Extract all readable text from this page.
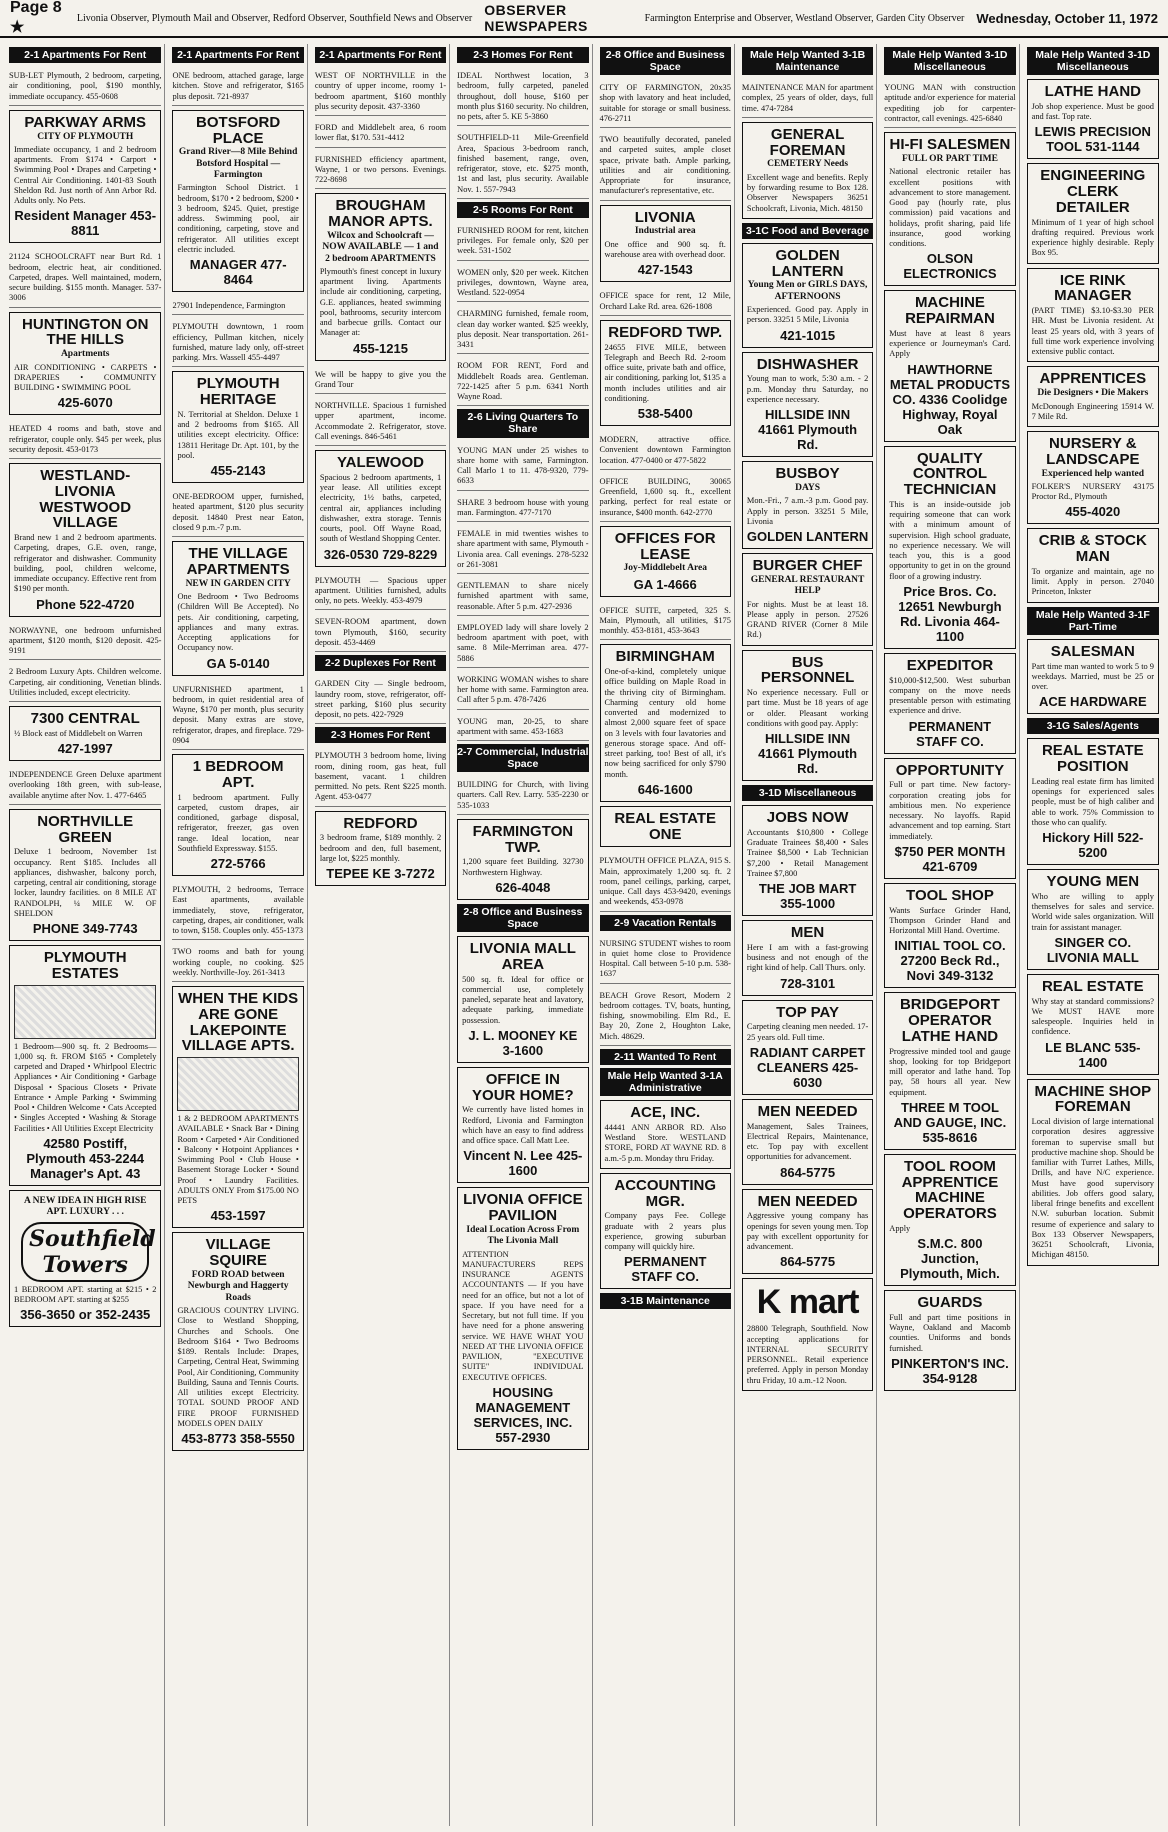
Page 8 ★
Livonia Observer, Plymouth Mail and Observer, Redford Observer, Southfield News and Observer OBSERVER NEWSPAPERS	Farmington Enterprise and Observer, Westland Observer, Garden City Observer Wednesday, October 11, 1972
2-1 Apartments For Rent
SUB-LET Plymouth, 2 bedroom, carpeting, air conditioning, pool, $190 monthly, immediate occupancy. 455-0608
PARKWAY ARMS
CITY OF PLYMOUTH
Immediate occupancy, 1 and 2 bedroom apartments. From $174 • Carport • Swimming Pool • Drapes and Carpeting • Central Air Conditioning. 1401-83 South Sheldon Rd. Just north of Ann Arbor Rd. Adults only. No Pets.
Resident Manager 453-8811
21124 SCHOOLCRAFT near Burt Rd. 1 bedroom, electric heat, air conditioned. Carpeted, drapes. Well maintained, modern, secure building. $155 month. Manager. 537-3006
HUNTINGTON ON THE HILLS
Apartments
AIR CONDITIONING • CARPETS • DRAPERIES • COMMUNITY BUILDING • SWIMMING POOL
425-6070
HEATED 4 rooms and bath, stove and refrigerator, couple only. $45 per week, plus security deposit. 453-0173
WESTLAND-LIVONIA WESTWOOD VILLAGE
Brand new 1 and 2 bedroom apartments. Carpeting, drapes, G.E. oven, range, refrigerator and dishwasher. Community building, pool, children welcome, immediate occupancy. Effective rent from $190 per month.
Phone 522-4720
NORWAYNE, one bedroom unfurnished apartment, $120 month, $120 deposit. 425-9191
2 Bedroom Luxury Apts. Children welcome. Carpeting, air conditioning, Venetian blinds. Utilities included, except electricity.
7300 CENTRAL
½ Block east of Middlebelt on Warren
427-1997
INDEPENDENCE Green Deluxe apartment overlooking 18th green, with sub-lease, available anytime after Nov. 1. 477-6465
NORTHVILLE GREEN
Deluxe 1 bedroom, November 1st occupancy. Rent $185. Includes all appliances, dishwasher, balcony porch, carpeting, central air conditioning, storage locker, laundry facilities. on 8 MILE AT RANDOLPH, ¼ MILE W. OF SHELDON
PHONE 349-7743
PLYMOUTH ESTATES
1 Bedroom—900 sq. ft. 2 Bedrooms—1,000 sq. ft. FROM $165 • Completely carpeted and Draped • Whirlpool Electric Appliances • Air Conditioning • Garbage Disposal • Spacious Closets • Private Entrance • Ample Parking • Swimming Pool • Children Welcome • Cats Accepted • Singles Accepted • Washing & Storage Facilities • All Utilities Except Electricity
42580 Postiff, Plymouth 453-2244 Manager's Apt. 43
A NEW IDEA IN HIGH RISE APT. LUXURY . . .
Southfield Towers
1 BEDROOM APT. starting at $215 • 2 BEDROOM APT. starting at $255
356-3650 or 352-2435
2-1 Apartments For Rent
ONE bedroom, attached garage, large kitchen. Stove and refrigerator, $165 plus deposit. 721-8937
BOTSFORD PLACE
Grand River—8 Mile Behind Botsford Hospital — Farmington
Farmington School District. 1 bedroom, $170 • 2 bedroom, $200 • 3 bedroom, $245. Quiet, prestige address. Swimming pool, air conditioning, carpeting, stove and refrigerator. All utilities except electric included.
MANAGER 477-8464
27901 Independence, Farmington
PLYMOUTH downtown, 1 room efficiency, Pullman kitchen, nicely furnished, mature lady only, off-street parking. Mrs. Wassell 455-4497
PLYMOUTH HERITAGE
N. Territorial at Sheldon. Deluxe 1 and 2 bedrooms from $165. All utilities except electricity. Office: 13811 Heritage Dr. Apt. 101, by the pool.
455-2143
ONE-BEDROOM upper, furnished, heated apartment, $120 plus security deposit. 14840 Prest near Eaton, closed 9 p.m.-7 p.m.
THE VILLAGE APARTMENTS
NEW IN GARDEN CITY
One Bedroom • Two Bedrooms (Children Will Be Accepted). No pets. Air conditioning, carpeting, appliances and many extras. Accepting applications for Occupancy now.
GA 5-0140
UNFURNISHED apartment, 1 bedroom, in quiet residential area of Wayne, $170 per month, plus security deposit. Many extras are stove, refrigerator, drapes, and fireplace. 729-0904
1 BEDROOM APT.
1 bedroom apartment. Fully carpeted, custom drapes, air conditioned, garbage disposal, refrigerator, freezer, gas oven range. Ideal location, near Southfield Expressway. $155.
272-5766
PLYMOUTH, 2 bedrooms, Terrace East apartments, available immediately, stove, refrigerator, carpeting, drapes, air conditioner, walk to town, $158. Couples only. 455-1373
TWO rooms and bath for young working couple, no cooking. $25 weekly. Northville-Joy. 261-3413
WHEN THE KIDS ARE GONE LAKEPOINTE VILLAGE APTS.
1 & 2 BEDROOM APARTMENTS AVAILABLE • Snack Bar • Dining Room • Carpeted • Air Conditioned • Balcony • Hotpoint Appliances • Swimming Pool • Club House • Basement Storage Locker • Sound Proof • Laundry Facilities. ADULTS ONLY From $175.00 NO PETS
453-1597
VILLAGE SQUIRE
FORD ROAD between Newburgh and Haggerty Roads
GRACIOUS COUNTRY LIVING. Close to Westland Shopping, Churches and Schools. One Bedroom $164 • Two Bedrooms $189. Rentals Include: Drapes, Carpeting, Central Heat, Swimming Pool, Air Conditioning, Community Building, Sauna and Tennis Courts. All utilities except Electricity. TOTAL SOUND PROOF AND FIRE PROOF FURNISHED MODELS OPEN DAILY
453-8773 358-5550
2-1 Apartments For Rent
WEST OF NORTHVILLE in the country of upper income, roomy 1-bedroom apartment, $160 monthly plus security deposit. 437-3360
FORD and Middlebelt area, 6 room lower flat, $170. 531-4412
FURNISHED efficiency apartment, Wayne, 1 or two persons. Evenings. 722-8698
BROUGHAM MANOR APTS.
Wilcox and Schoolcraft — NOW AVAILABLE — 1 and 2 bedroom APARTMENTS
Plymouth's finest concept in luxury apartment living. Apartments include air conditioning, carpeting, G.E. appliances, heated swimming pool, bathrooms, security intercom and barbecue grills. Contact our Manager at:
455-1215
We will be happy to give you the Grand Tour
NORTHVILLE. Spacious 1 furnished upper apartment, income. Accommodate 2. Refrigerator, stove. Call evenings. 846-5461
YALEWOOD
Spacious 2 bedroom apartments, 1 year lease. All utilities except electricity, 1½ baths, carpeted, central air, appliances including dishwasher, extra storage. Tennis courts, pool. Off Wayne Road, south of Westland Shopping Center.
326-0530 729-8229
PLYMOUTH — Spacious upper apartment. Utilities furnished, adults only, no pets. Weekly. 453-4979
SEVEN-ROOM apartment, down town Plymouth, $160, security deposit. 453-4469
2-2 Duplexes For Rent
GARDEN City — Single bedroom, laundry room, stove, refrigerator, off-street parking, $160 plus security deposit, no pets. 422-7929
2-3 Homes For Rent
PLYMOUTH 3 bedroom home, living room, dining room, gas heat, full basement, vacant. 1 children permitted. No pets. Rent $225 month. Agent. 453-0477
REDFORD
3 bedroom frame, $189 monthly. 2 bedroom and den, full basement, large lot, $225 monthly.
TEPEE KE 3-7272
2-3 Homes For Rent
IDEAL Northwest location, 3 bedroom, fully carpeted, paneled throughout, doll house, $160 per month plus $160 security. No children, no pets, after 5. KE 5-3860
SOUTHFIELD-11 Mile-Greenfield Area, Spacious 3-bedroom ranch, finished basement, range, oven, refrigerator, stove, etc. $275 month, 1st and last, plus security. Available Nov. 1. 557-7943
2-5 Rooms For Rent
FURNISHED ROOM for rent, kitchen privileges. For female only, $20 per week. 531-1502
WOMEN only, $20 per week. Kitchen privileges, downtown, Wayne area, Westland. 522-0954
CHARMING furnished, female room, clean day worker wanted. $25 weekly, plus deposit. Near transportation. 261-3431
ROOM FOR RENT, Ford and Middlebelt Roads area. Gentleman. 722-1425 after 5 p.m. 6341 North Wayne Road.
2-6 Living Quarters To Share
YOUNG MAN under 25 wishes to share home with same, Farmington. Call Marlo 1 to 11. 478-9320, 779-6633
SHARE 3 bedroom house with young man. Farmington. 477-7170
FEMALE in mid twenties wishes to share apartment with same, Plymouth - Livonia area. Call evenings. 278-5232 or 261-3081
GENTLEMAN to share nicely furnished apartment with same, reasonable. After 5 p.m. 427-2936
EMPLOYED lady will share lovely 2 bedroom apartment with poet, with same. 8 Mile-Merriman area. 477-5886
WORKING WOMAN wishes to share her home with same. Farmington area. Call after 5 p.m. 478-7426
YOUNG man, 20-25, to share apartment with same. 453-1683
2-7 Commercial, Industrial Space
BUILDING for Church, with living quarters. Call Rev. Larry. 535-2230 or 535-1033
FARMINGTON TWP.
1,200 square feet Building. 32730 Northwestern Highway.
626-4048
2-8 Office and Business Space
LIVONIA MALL AREA
500 sq. ft. Ideal for office or commercial use, completely paneled, separate heat and lavatory, adequate parking, immediate possession.
J. L. MOONEY KE 3-1600
OFFICE IN YOUR HOME?
We currently have listed homes in Redford, Livonia and Farmington which have an easy to find address and office space. Call Matt Lee.
Vincent N. Lee 425-1600
LIVONIA OFFICE PAVILION
Ideal Location Across From The Livonia Mall
ATTENTION MANUFACTURERS REPS INSURANCE AGENTS ACCOUNTANTS — If you have need for an office, but not a lot of space. If you have need for a Secretary, but not full time. If you have need for a phone answering service. WE HAVE WHAT YOU NEED AT THE LIVONIA OFFICE PAVILION, "EXECUTIVE SUITE" INDIVIDUAL EXECUTIVE OFFICES.
HOUSING MANAGEMENT SERVICES, INC. 557-2930
2-8 Office and Business Space
CITY OF FARMINGTON, 20x35 shop with lavatory and heat included, suitable for storage or small business. 476-2711
TWO beautifully decorated, paneled and carpeted suites, ample closet space, private bath. Ample parking, utilities and air conditioning. Appropriate for insurance, manufacturer's representative, etc.
LIVONIA
Industrial area
One office and 900 sq. ft. warehouse area with overhead door.
427-1543
OFFICE space for rent, 12 Mile, Orchard Lake Rd. area. 626-1808
REDFORD TWP.
24655 FIVE MILE, between Telegraph and Beech Rd. 2-room office suite, private bath and office, air conditioning, parking lot, $135 a month includes utilities and air conditioning.
538-5400
MODERN, attractive office. Convenient downtown Farmington location. 477-0400 or 477-5822
OFFICE BUILDING, 30065 Greenfield, 1,600 sq. ft., excellent parking, perfect for real estate or insurance, $400 month. 642-2770
OFFICES FOR LEASE
Joy-Middlebelt Area
GA 1-4666
OFFICE SUITE, carpeted, 325 S. Main, Plymouth, all utilities, $175 monthly. 453-8181, 453-3643
BIRMINGHAM
One-of-a-kind, completely unique office building on Maple Road in the thriving city of Birmingham. Charming century old home converted and modernized to almost 2,000 square feet of space on 3 levels with four lavatories and generous storage space. And off-street parking, too! Best of all, it's now being sacrificed for only $790 month.
646-1600
REAL ESTATE ONE
PLYMOUTH OFFICE PLAZA, 915 S. Main, approximately 1,200 sq. ft. 2 room, panel ceilings, parking, carpet, unique. Call days 453-9420, evenings and weekends, 453-0978
2-9 Vacation Rentals
NURSING STUDENT wishes to room in quiet home close to Providence Hospital. Call between 5-10 p.m. 538-1637
BEACH Grove Resort, Modern 2 bedroom cottages. TV, boats, hunting, fishing, snowmobiling. Elm Rd., E. Bay 20, Zone 2, Houghton Lake, Mich. 48629.
2-11 Wanted To Rent
Male Help Wanted 3-1A Administrative
ACE, INC.
44441 ANN ARBOR RD. Also Westland Store. WESTLAND STORE, FORD AT WAYNE RD. 8 a.m.-5 p.m. Monday thru Friday.
ACCOUNTING MGR.
Company pays Fee. College graduate with 2 years plus experience, growing suburban company will quickly hire.
PERMANENT STAFF CO.
3-1B Maintenance
Male Help Wanted 3-1B Maintenance
MAINTENANCE MAN for apartment complex, 25 years of older, days, full time. 474-7284
GENERAL FOREMAN
CEMETERY Needs
Excellent wage and benefits. Reply by forwarding resume to Box 128. Observer Newspapers 36251 Schoolcraft, Livonia, Mich. 48150
3-1C Food and Beverage
GOLDEN LANTERN
Young Men or GIRLS DAYS, AFTERNOONS
Experienced. Good pay. Apply in person. 33251 5 Mile, Livonia
421-1015
DISHWASHER
Young man to work, 5:30 a.m. - 2 p.m. Monday thru Saturday, no experience necessary.
HILLSIDE INN 41661 Plymouth Rd.
BUSBOY
DAYS
Mon.-Fri., 7 a.m.-3 p.m. Good pay. Apply in person. 33251 5 Mile, Livonia
GOLDEN LANTERN
BURGER CHEF
GENERAL RESTAURANT HELP
For nights. Must be at least 18. Please apply in person. 27526 GRAND RIVER (Corner 8 Mile Rd.)
BUS PERSONNEL
No experience necessary. Full or part time. Must be 18 years of age or older. Pleasant working conditions with good pay. Apply:
HILLSIDE INN 41661 Plymouth Rd.
3-1D Miscellaneous
JOBS NOW
Accountants $10,800 • College Graduate Trainees $8,400 • Sales Trainee $8,500 • Lab Technician $7,200 • Retail Management Trainee $7,800
THE JOB MART 355-1000
MEN
Here I am with a fast-growing business and not enough of the right kind of help. Call Thurs. only.
728-3101
TOP PAY
Carpeting cleaning men needed. 17-25 years old. Full time.
RADIANT CARPET CLEANERS 425-6030
MEN NEEDED
Management, Sales Trainees, Electrical Repairs, Maintenance, etc. Top pay with excellent opportunities for advancement.
864-5775
MEN NEEDED
Aggressive young company has openings for seven young men. Top pay with excellent opportunity for advancement.
864-5775
K mart
28800 Telegraph, Southfield. Now accepting applications for INTERNAL SECURITY PERSONNEL. Retail experience preferred. Apply in person Monday thru Friday, 10 a.m.-12 Noon.
Male Help Wanted 3-1D Miscellaneous
YOUNG MAN with construction aptitude and/or experience for material expediting job for carpenter-contractor, call evenings. 425-6840
HI-FI SALESMEN
FULL OR PART TIME
National electronic retailer has excellent positions with advancement to store management. Good pay (hourly rate, plus commission) paid vacations and holidays, profit sharing, paid life insurance, good working conditions.
OLSON ELECTRONICS
MACHINE REPAIRMAN
Must have at least 8 years experience or Journeyman's Card. Apply
HAWTHORNE METAL PRODUCTS CO. 4336 Coolidge Highway, Royal Oak
QUALITY CONTROL TECHNICIAN
This is an inside-outside job requiring someone that can work with a minimum amount of supervision. High school graduate, no experience necessary. We will teach you, this is a good opportunity to get in on the ground floor of a growing industry.
Price Bros. Co. 12651 Newburgh Rd. Livonia 464-1100
EXPEDITOR
$10,000-$12,500. West suburban company on the move needs presentable person with estimating experience and drive.
PERMANENT STAFF CO.
OPPORTUNITY
Full or part time. New factory-corporation creating jobs for ambitious men. No experience necessary. No layoffs. Rapid advancement and top earning. Start immediately.
$750 PER MONTH 421-6709
TOOL SHOP
Wants Surface Grinder Hand, Thompson Grinder Hand and Horizontal Mill Hand. Overtime.
INITIAL TOOL CO. 27200 Beck Rd., Novi 349-3132
BRIDGEPORT OPERATOR LATHE HAND
Progressive minded tool and gauge shop, looking for top Bridgeport mill operator and lathe hand. Top pay, 58 hours all year. New equipment.
THREE M TOOL AND GAUGE, INC. 535-8616
TOOL ROOM APPRENTICE MACHINE OPERATORS
Apply
S.M.C. 800 Junction, Plymouth, Mich.
GUARDS
Full and part time positions in Wayne, Oakland and Macomb counties. Uniforms and bonds furnished.
PINKERTON'S INC. 354-9128
Male Help Wanted 3-1D Miscellaneous
LATHE HAND
Job shop experience. Must be good and fast. Top rate.
LEWIS PRECISION TOOL 531-1144
ENGINEERING CLERK DETAILER
Minimum of 1 year of high school drafting required. Previous work experience highly desirable. Reply Box 95.
ICE RINK MANAGER
(PART TIME) $3.10-$3.30 PER HR. Must be Livonia resident. At least 25 years old, with 3 years of full time work experience involving extensive public contact.
APPRENTICES
Die Designers • Die Makers
McDonough Engineering 15914 W. 7 Mile Rd.
NURSERY & LANDSCAPE
Experienced help wanted
FOLKER'S NURSERY 43175 Proctor Rd., Plymouth
455-4020
CRIB & STOCK MAN
To organize and maintain, age no limit. Apply in person. 27040 Princeton, Inkster
Male Help Wanted 3-1F Part-Time
SALESMAN
Part time man wanted to work 5 to 9 weekdays. Married, must be 25 or over.
ACE HARDWARE
3-1G Sales/Agents
REAL ESTATE POSITION
Leading real estate firm has limited openings for experienced sales people, must be of high caliber and able to work. 75% Commission to those who can qualify.
Hickory Hill 522-5200
YOUNG MEN
Who are willing to apply themselves for sales and service. World wide sales organization. Will train for assistant manager.
SINGER CO. LIVONIA MALL
REAL ESTATE
Why stay at standard commissions? We MUST HAVE more salespeople. Inquiries held in confidence.
LE BLANC 535-1400
MACHINE SHOP FOREMAN
Local division of large international corporation desires aggressive foreman to supervise small but productive machine shop. Should be familiar with Turret Lathes, Mills, Drills, and have N/C experience. Must have good supervisory abilities. Job offers good salary, liberal fringe benefits and excellent N.W. suburban location. Submit resume of experience and salary to Box 133 Observer Newspapers, 36251 Schoolcraft, Livonia, Michigan 48150.
